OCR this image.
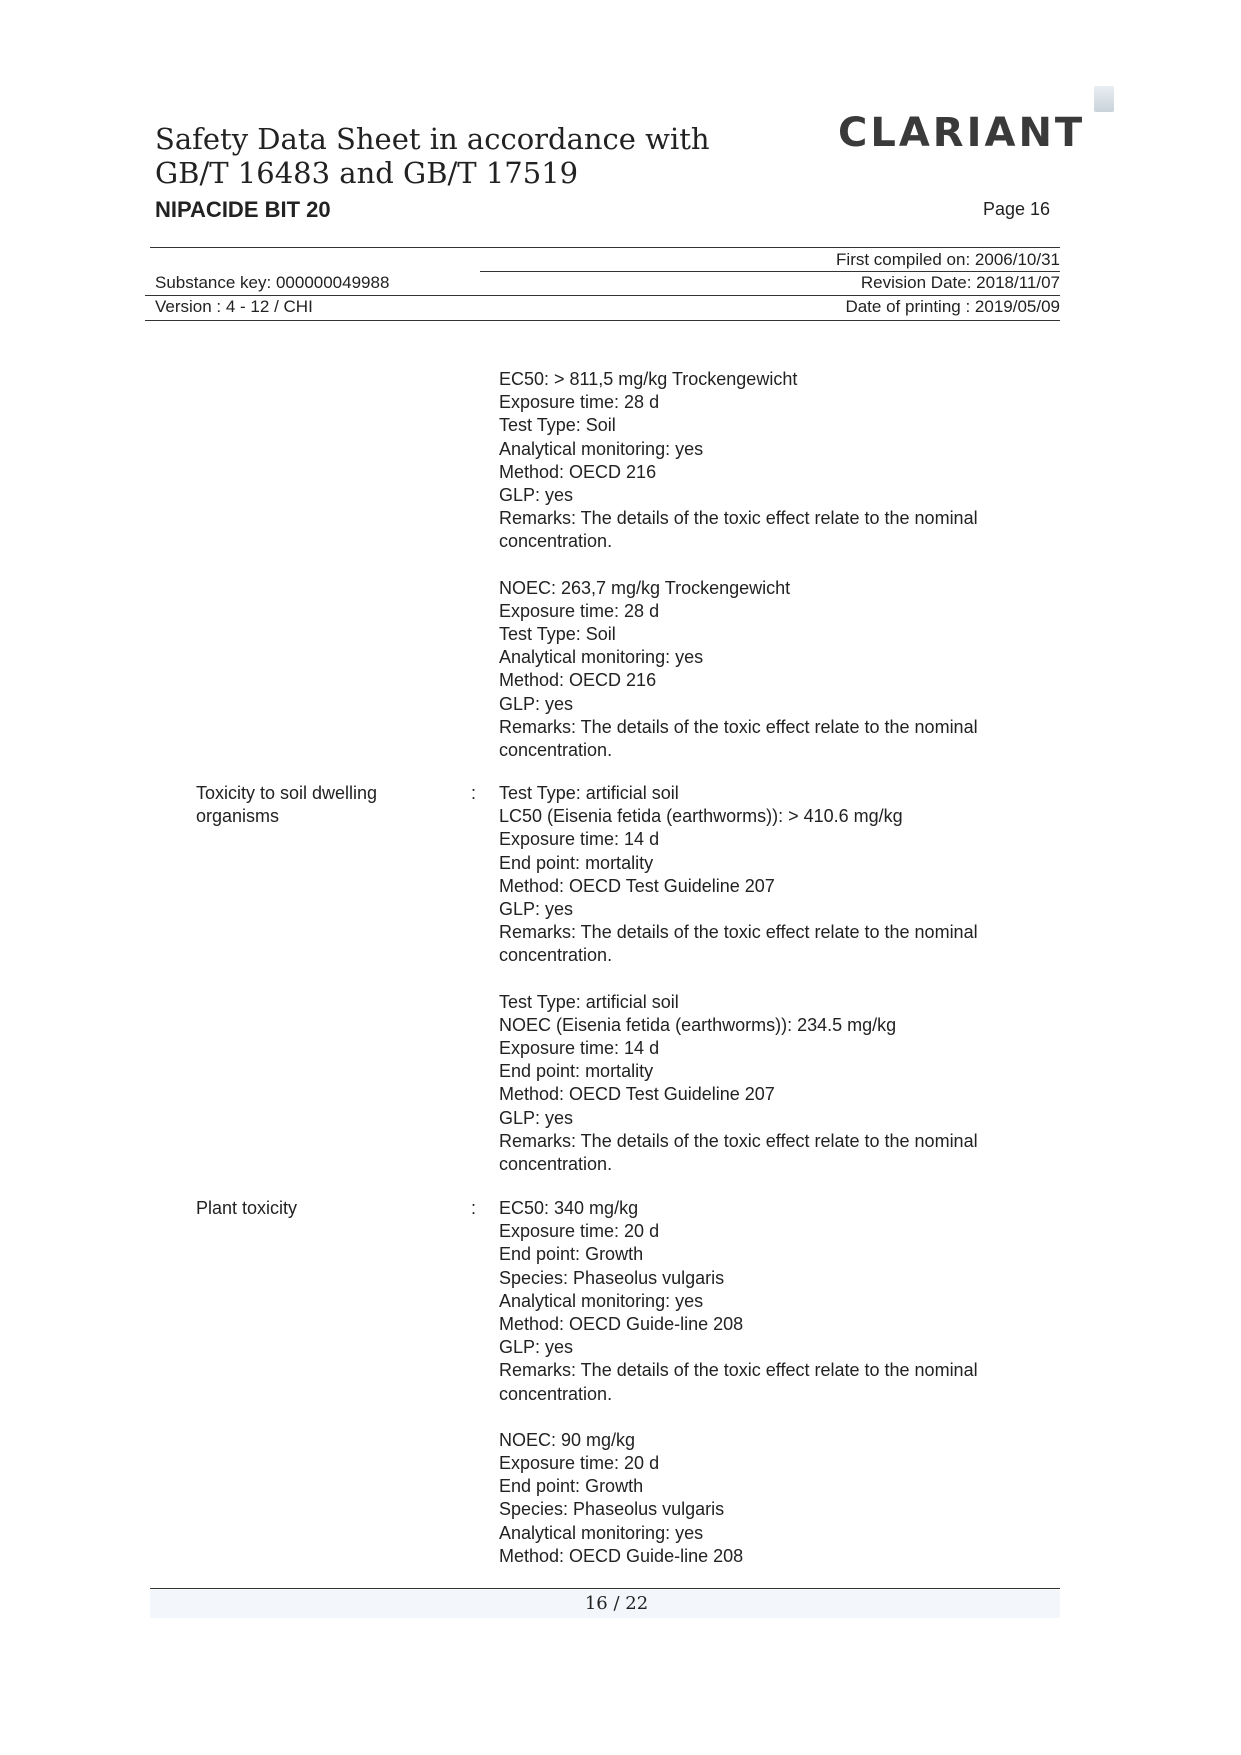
Safety Data Sheet in accordance with
GB/T 16483 and GB/T 17519
NIPACIDE BIT 20
CLARIANT
Page 16
First compiled on: 2006/10/31
Substance key: 000000049988	Revision Date: 2018/11/07
Version : 4 - 12 / CHI	Date of printing : 2019/05/09

EC50: > 811,5 mg/kg Trockengewicht

Exposure time: 28 d

Test Type: Soil

Analytical monitoring: yes

Method: OECD 216

GLP: yes

Remarks: The details of the toxic effect relate to the nominal concentration.

NOEC: 263,7 mg/kg Trockengewicht

Exposure time: 28 d

Test Type: Soil

Analytical monitoring: yes

Method: OECD 216

GLP: yes

Remarks: The details of the toxic effect relate to the nominal concentration.

Toxicity to soil dwelling organisms
: Test Type: artificial soil

LC50 (Eisenia fetida (earthworms)): > 410.6 mg/kg

Exposure time: 14 d

End point: mortality

Method: OECD Test Guideline 207

GLP: yes

Remarks: The details of the toxic effect relate to the nominal concentration.

Test Type: artificial soil

NOEC (Eisenia fetida (earthworms)): 234.5 mg/kg

Exposure time: 14 d

End point: mortality

Method: OECD Test Guideline 207

GLP: yes

Remarks: The details of the toxic effect relate to the nominal concentration.

Plant toxicity	: EC50: 340 mg/kg

Exposure time: 20 d

End point: Growth

Species: Phaseolus vulgaris

Analytical monitoring: yes

Method: OECD Guide-line 208

GLP: yes

Remarks: The details of the toxic effect relate to the nominal concentration.

NOEC: 90 mg/kg

Exposure time: 20 d

End point: Growth

Species: Phaseolus vulgaris

Analytical monitoring: yes

Method: OECD Guide-line 208

16 / 22
